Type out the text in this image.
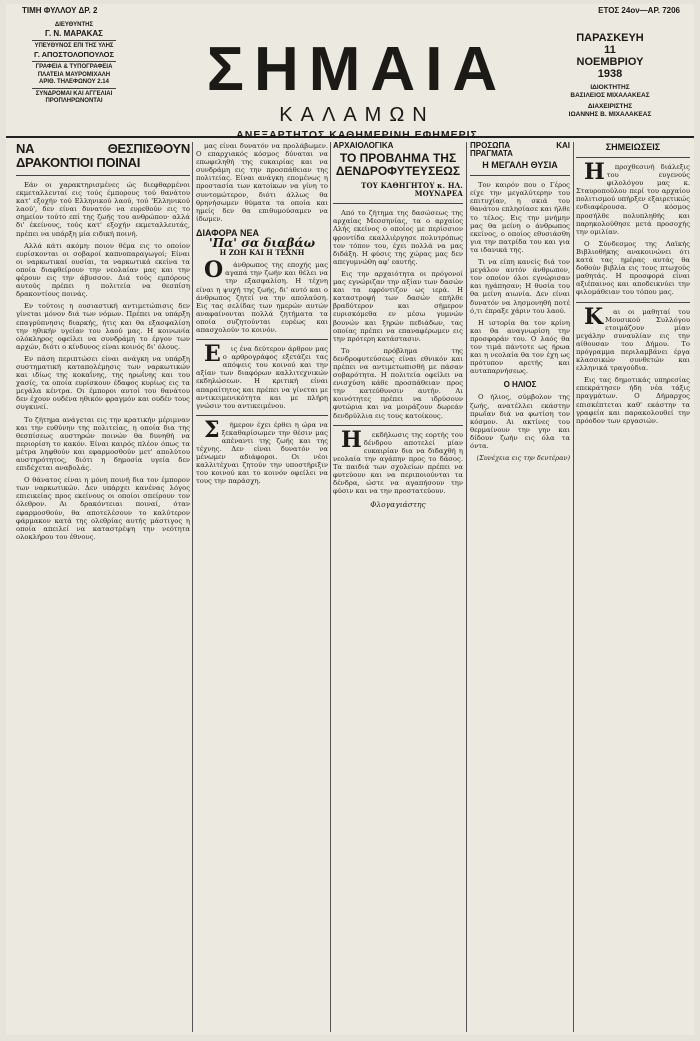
ΤΙΜΗ ΦΥΛΛΟΥ ΔΡ. 2	ΕΤΟΣ 24ον—ΑΡ. 7206
ΔΙΕΥΘΥΝΤΗΣ
Γ. Ν. ΜΑΡΑΚΑΣ
ΥΠΕΥΘΥΝΟΣ ΕΠΙ ΤΗΣ ΥΛΗΣ
Γ. ΑΠΟΣΤΟΛΟΠΟΥΛΟΣ
ΓΡΑΦΕΙΑ & ΤΥΠΟΓΡΑΦΕΙΑ
ΠΛΑΤΕΙΑ ΜΑΥΡΟΜΙΧΑΛΗ
ΑΡΙΘ. ΤΗΛΕΦΩΝΟΥ 2.14
ΣΥΝΔΡΟΜΑΙ ΚΑΙ ΑΓΓΕΛΙΑΙ
ΠΡΟΠΛΗΡΩΝΟΝΤΑΙ	ΣΗΜΑΙΑ
ΚΑΛΑΜΩΝ
ΑΝΕΞΑΡΤΗΤΟΣ ΚΑΘΗΜΕΡΙΝΗ ΕΦΗΜΕΡΙΣ
ΠΑΡΑΣΚΕΥΗ
11
ΝΟΕΜΒΡΙΟΥ
1938
ΙΔΙΟΚΤΗΤΗΣ
ΒΑΣΙΛΕΙΟΣ ΜΙΧΑΛΑΚΕΑΣ
ΔΙΑΧΕΙΡΙΣΤΗΣ
ΙΩΑΝΝΗΣ Β. ΜΙΧΑΛΑΚΕΑΣ
ΝΑ ΘΕΣΠΙΣΘΟΥΝ ΔΡΑΚΟΝΤΙΟΙ ΠΟΙΝΑΙ

Εάν οι χαρακτηρισμένες ώς διεφθαρμένοι εκμεταλλευταί εις τούς έμπορους τού θανάτου κατ' εξοχήν τού Ελληνικού λαού, τού 'Ελληνικού λαού', δεν είναι δυνατόν να ευρεθούν εις το σημείον τούτο επί της ζωής του ανθρώπου· αλλά δι' έκείνους, τούς κατ' εξοχήν εκμεταλλευτάς, πρέπει να υπάρξη μία ειδική ποινή.

Αλλά κάτι ακόμη: ποιον θέμα εις το οποίον ευρίσκονται οι σοβαροί καπνοπαραγωγοί; Είναι οι ναρκωτικαί ουσίαι, τα ναρκωτικά εκείνα τα οποία διαφθείρουν την νεολαίαν μας και την φέρουν εις την άβυσσον. Διά τούς εμπόρους αυτούς πρέπει η πολιτεία να θεσπίση δρακοντίους ποινάς.

Εν τούτοις η ουσιαστική αντιμετώπισις δεν γίνεται μόνον διά των νόμων. Πρέπει να υπάρξη επαγρύπνησις διαρκής, ήτις και θα εξασφαλίση την ηθικήν υγείαν του λαού μας. Η κοινωνία ολόκληρος οφείλει να συνδράμη το έργον των αρχών, διότι ο κίνδυνος είναι κοινός δι' όλους.

Εν πάση περιπτώσει είναι ανάγκη να υπάρξη συστηματική καταπολέμησις των ναρκωτικών και ιδίως της κοκαΐνης, της ηρωΐνης και του χασίς, τα οποία ευρίσκουν έδαφος κυρίως εις τα μεγάλα κέντρα. Οι έμποροι αυτοί του θανάτου δεν έχουν ουδένα ηθικόν φραγμόν και ουδέν τους συγκινεί.

Το ζήτημα ανάγεται εις την κρατικήν μέριμναν και την ευθύνην της πολιτείας, η οποία δια της θεσπίσεως αυστηρών ποινών θα δυνηθή να περιορίση το κακόν. Είναι καιρός πλέον όπως τα μέτρα ληφθούν και εφαρμοσθούν μετ' απολύτου αυστηρότητος, διότι η δημοσία υγεία δεν επιδέχεται αναβολάς.

Ο θάνατος είναι η μόνη ποινή δια τον έμπορον των ναρκωτικών. Δεν υπάρχει κανένας λόγος επιεικείας προς εκείνους οι οποίοι σπείρουν τον όλεθρον. Αι δρακόντειαι ποιναί, όταν εφαρμοσθούν, θα αποτελέσουν το καλύτερον φάρμακον κατά της ολεθρίας αυτής μάστιγος η οποία απειλεί να καταστρέψη την νεότητα ολοκλήρου του έθνους.

μας είναι δυνατόν να προλάβωμεν. Ο επαρχιακός κόσμος δύναται να επωφεληθή της ευκαιρίας και να συνδράμη εις την προσπάθειαν της πολιτείας. Είναι ανάγκη επομένως η προστασία των κατοίκων να γίνη το συντομώτερον, διότι άλλως θα θρηνήσωμεν θύματα τα οποία και ημείς δεν θα επιθυμούσαμεν να ίδωμεν.

ΔΙΑΦΟΡΑ ΝΕΑ
'Πα' σα διαβάω
Η ΖΩΗ ΚΑΙ Η ΤΕΧΝΗ

Οάνθρωπος της εποχής μας αγαπά την ζωήν και θέλει να την εξασφαλίση. Η τέχνη είναι η ψυχή της ζωής, δι' αυτό και ο άνθρωπος ζητεί να την απολαύση. Εις τας σελίδας των ημερών αυτών αναφαίνονται πολλά ζητήματα τα οποία συζητούνται ευρέως και απασχολούν το κοινόν.

Εις ένα δεύτερον άρθρον μας ο αρθρογράφος εξετάζει τας απόψεις του κοινού και την αξίαν των διαφόρων καλλιτεχνικών εκδηλώσεων. Η κριτική είναι απαραίτητος και πρέπει να γίνεται με αντικειμενικότητα και με πλήρη γνώσιν του αντικειμένου.

Σήμερον έχει έρθει η ώρα να ξεκαθαρίσωμεν την θέσιν μας απέναντι της ζωής και της τέχνης. Δεν είναι δυνατόν να μένωμεν αδιάφοροι. Οι νέοι καλλιτέχναι ζητούν την υποστήριξιν του κοινού και το κοινόν οφείλει να τους την παράσχη.

ΑΡΧΑΙΟΛΟΓΙΚΑ
ΤΟ ΠΡΟΒΛΗΜΑ ΤΗΣ ΔΕΝΔΡΟΦΥΤΕΥΣΕΩΣ
ΤΟΥ ΚΑΘΗΓΗΤΟΥ κ. ΗΛ. ΜΟΥΝΔΡΕΑ

Από το ζήτημα της δασώσεως της αρχαίας Μεσσηνίας, τα ο αρχαίος Αλής εκείνος ο οποίος με περίσσιον φροντίδα εκαλλιέργησε πολυτρόπως τον τόπον του, έχει πολλά να μας διδάξη. Η φύσις της χώρας μας δεν απεγυμνώθη αφ' εαυτής.

Εις την αρχαιότητα οι πρόγονοί μας εγνώριζαν την αξίαν των δασών και τα εφρόντιζον ως ιερά. Η καταστροφή των δασών επήλθε βραδύτερον και σήμερον ευρισκόμεθα εν μέσω γυμνών βουνών και ξηρών πεδιάδων, τας οποίας πρέπει να επαναφέρωμεν εις την πρότερη κατάστασιν.

Το πρόβλημα της δενδροφυτεύσεως είναι εθνικόν και πρέπει να αντιμετωπισθή με πάσαν σοβαρότητα. Η πολιτεία οφείλει να ενισχύση κάθε προσπάθειαν προς την κατεύθυνσιν αυτήν. Αι κοινότητες πρέπει να ιδρύσουν φυτώρια και να μοιράζουν δωρεάν δενδρύλλια εις τους κατοίκους.

Ηεκδήλωσις της εορτής του δένδρου αποτελεί μίαν ευκαιρίαν δια να διδαχθή η νεολαία την αγάπην προς το δάσος. Τα παιδιά των σχολείων πρέπει να φυτεύουν και να περιποιούνται τα δένδρα, ώστε να αγαπήσουν την φύσιν και να την προστατεύουν.

Φλογαγιάστης
ΠΡΟΣΩΠΑ ΚΑΙ ΠΡΑΓΜΑΤΑ
Η ΜΕΓΑΛΗ ΘΥΣΙΑ

Τον καιρόν που ο Γέρος είχε την μεγαλύτερην του επιτυχίαν, η σκιά του θανάτου επλησίασε και ήλθε το τέλος. Εις την μνήμην μας θα μείνη ο άνθρωπος εκείνος, ο οποίος εθυσιάσθη για την πατρίδα του και για τα ιδανικά της.

Τι να είπη κανείς διά τον μεγάλον αυτόν άνθρωπον, τον οποίον όλοι εγνώρισαν και ηγάπησαν; Η θυσία του θα μείνη αιωνία. Δεν είναι δυνατόν να λησμονηθή ποτέ ό,τι έπραξε χάριν του λαού.

Η ιστορία θα τον κρίνη και θα αναγνωρίση την προσφοράν του. Ο λαός θα τον τιμά πάντοτε ως ήρωα και η νεολαία θα τον έχη ως πρότυπον αρετής και αυταπαρνήσεως.

Ο ΗΛΙΟΣ

Ο ήλιος, σύμβολον της ζωής, ανατέλλει εκάστην πρωΐαν διά να φωτίση τον κόσμον. Αι ακτίνες του θερμαίνουν την γην και δίδουν ζωήν εις όλα τα όντα.

(Συνέχεια εις την δευτέραν)
ΣΗΜΕΙΩΣΕΙΣ

Ηπροχθεσινή διάλεξις του ευγενούς φιλολόγου μας κ. Σταυροπούλου περί του αρχαίου πολιτισμού υπήρξεν εξαιρετικώς ενδιαφέρουσα. Ο κόσμος προσήλθε πολυπληθής και παρηκολούθησε μετά προσοχής την ομιλίαν.

Ο Σύνδεσμος της Λαϊκής Βιβλιοθήκης ανακοινώνει ότι κατά τας ημέρας αυτάς θα δοθούν βιβλία εις τους πτωχούς μαθητάς. Η προσφορά είναι αξιέπαινος και αποδεικνύει την φιλομάθειαν του τόπου μας.

Και οι μαθηταί του Μουσικού Συλλόγου ετοιμάζουν μίαν μεγάλην συναυλίαν εις την αίθουσαν του Δήμου. Το πρόγραμμα περιλαμβάνει έργα κλασσικών συνθετών και ελληνικά τραγούδια.

Εις τας δημοτικάς υπηρεσίας επεκράτησεν ήδη νέα τάξις πραγμάτων. Ο Δήμαρχος επισκέπτεται καθ' εκάστην τα γραφεία και παρακολουθεί την πρόοδον των εργασιών.
